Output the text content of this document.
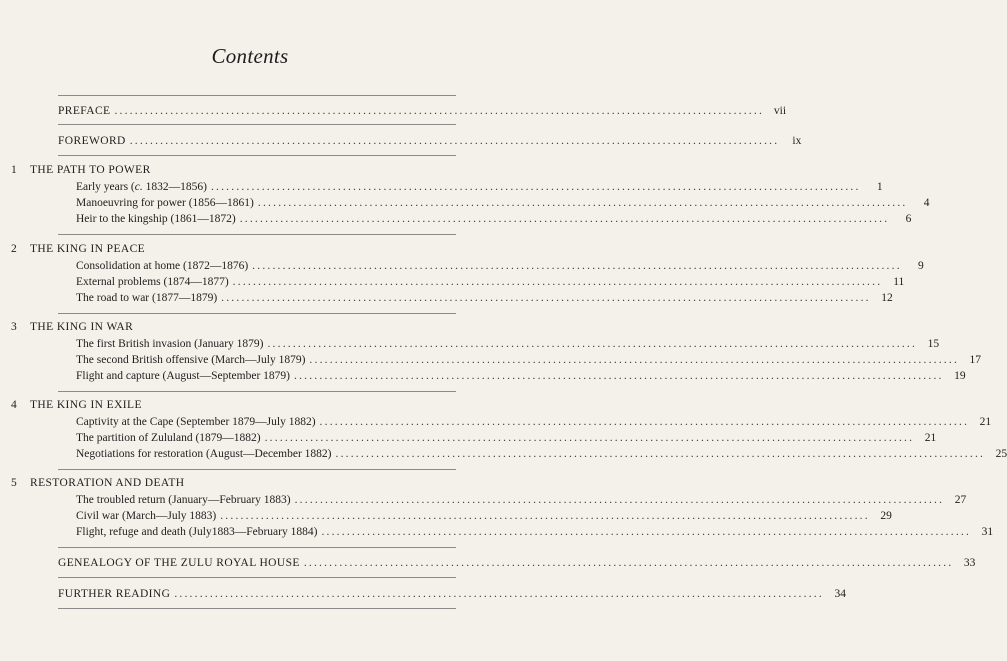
Contents
PREFACE ................................................................................................................................ vii
FOREWORD ................................................................................................................................	ix
1 THE PATH TO POWER
Early years (c. 1832—1856) ................................................................................................................................	1
Manoeuvring for power (1856—1861) ................................................................................................................................	4
Heir to the kingship (1861—1872) ................................................................................................................................	6
2 THE KING IN PEACE
Consolidation at home (1872—1876) ................................................................................................................................	9
External problems (1874—1877) ................................................................................................................................ 11
The road to war (1877—1879) ................................................................................................................................ 12
3 THE KING IN WAR
The first British invasion (January 1879) ................................................................................................................................ 15
The second British offensive (March—July 1879) ................................................................................................................................ 17
Flight and capture (August—September 1879) ................................................................................................................................ 19
4 THE KING IN EXILE
Captivity at the Cape (September 1879—July 1882) ................................................................................................................................ 21
The partition of Zululand (1879—1882) ................................................................................................................................ 21
Negotiations for restoration (August—December 1882) ................................................................................................................................ 25
5 RESTORATION AND DEATH
The troubled return (January—February 1883) ................................................................................................................................ 27
Civil war (March—July 1883) ................................................................................................................................ 29
Flight, refuge and death (July1883—February 1884) ................................................................................................................................ 31
GENEALOGY OF THE ZULU ROYAL HOUSE ................................................................................................................................ 33
FURTHER READING ................................................................................................................................ 34
